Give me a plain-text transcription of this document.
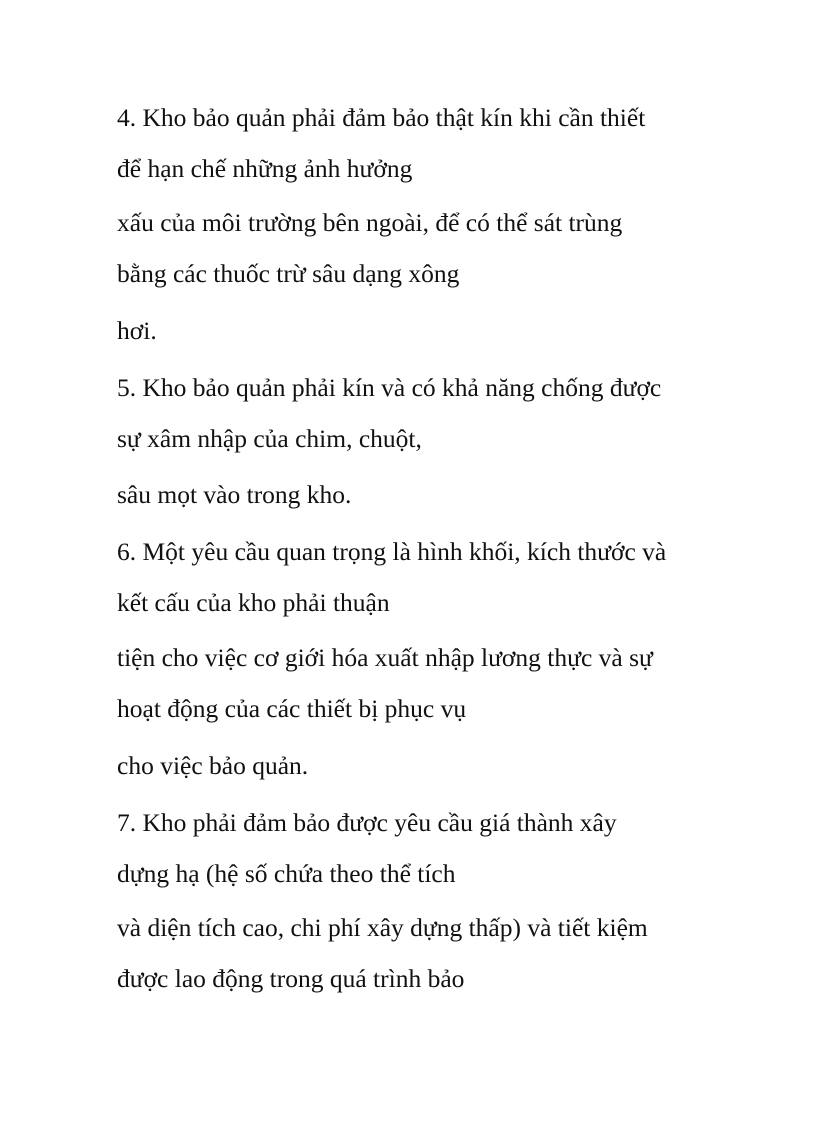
4. Kho bảo quản phải đảm bảo thật kín khi cần thiết

để hạn chế những ảnh hưởng

xấu của môi trường bên ngoài, để có thể sát trùng

bằng các thuốc trừ sâu dạng xông

hơi.

5. Kho bảo quản phải kín và có khả năng chống được

sự xâm nhập của chim, chuột,

sâu mọt vào trong kho.

6. Một yêu cầu quan trọng là hình khối, kích thước và

kết cấu của kho phải thuận

tiện cho việc cơ giới hóa xuất nhập lương thực và sự

hoạt động của các thiết bị phục vụ

cho việc bảo quản.

7. Kho phải đảm bảo được yêu cầu giá thành xây

dựng hạ (hệ số chứa theo thể tích

và diện tích cao, chi phí xây dựng thấp) và tiết kiệm

được lao động trong quá trình bảo
